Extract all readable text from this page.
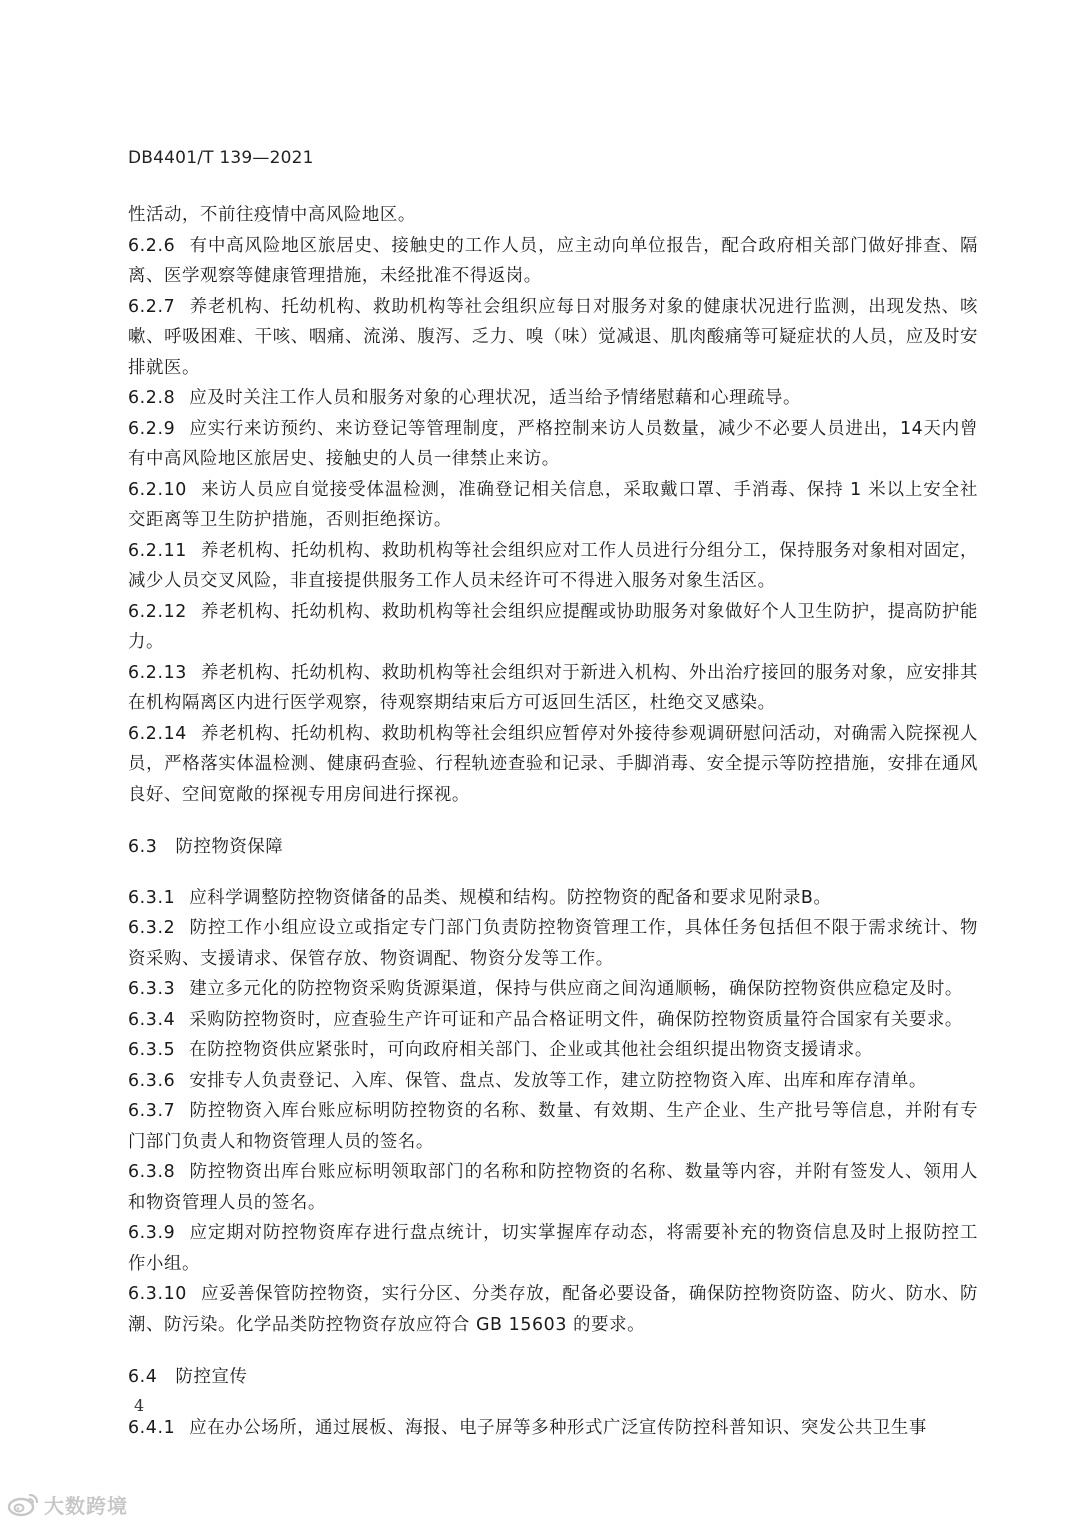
DB4401/T 139—2021

性活动，不前往疫情中高风险地区。

6.2.6 有中高风险地区旅居史、接触史的工作人员，应主动向单位报告，配合政府相关部门做好排查、隔离、医学观察等健康管理措施，未经批准不得返岗。

6.2.7 养老机构、托幼机构、救助机构等社会组织应每日对服务对象的健康状况进行监测，出现发热、咳嗽、呼吸困难、干咳、咽痛、流涕、腹泻、乏力、嗅（味）觉减退、肌肉酸痛等可疑症状的人员，应及时安排就医。

6.2.8 应及时关注工作人员和服务对象的心理状况，适当给予情绪慰藉和心理疏导。

6.2.9 应实行来访预约、来访登记等管理制度，严格控制来访人员数量，减少不必要人员进出，14天内曾有中高风险地区旅居史、接触史的人员一律禁止来访。

6.2.10 来访人员应自觉接受体温检测，准确登记相关信息，采取戴口罩、手消毒、保持 1 米以上安全社交距离等卫生防护措施，否则拒绝探访。

6.2.11 养老机构、托幼机构、救助机构等社会组织应对工作人员进行分组分工，保持服务对象相对固定，减少人员交叉风险，非直接提供服务工作人员未经许可不得进入服务对象生活区。

6.2.12 养老机构、托幼机构、救助机构等社会组织应提醒或协助服务对象做好个人卫生防护，提高防护能力。

6.2.13 养老机构、托幼机构、救助机构等社会组织对于新进入机构、外出治疗接回的服务对象，应安排其在机构隔离区内进行医学观察，待观察期结束后方可返回生活区，杜绝交叉感染。

6.2.14 养老机构、托幼机构、救助机构等社会组织应暂停对外接待参观调研慰问活动，对确需入院探视人员，严格落实体温检测、健康码查验、行程轨迹查验和记录、手脚消毒、安全提示等防控措施，安排在通风良好、空间宽敞的探视专用房间进行探视。

6.3 防控物资保障

6.3.1 应科学调整防控物资储备的品类、规模和结构。防控物资的配备和要求见附录B。

6.3.2 防控工作小组应设立或指定专门部门负责防控物资管理工作，具体任务包括但不限于需求统计、物资采购、支援请求、保管存放、物资调配、物资分发等工作。

6.3.3 建立多元化的防控物资采购货源渠道，保持与供应商之间沟通顺畅，确保防控物资供应稳定及时。

6.3.4 采购防控物资时，应查验生产许可证和产品合格证明文件，确保防控物资质量符合国家有关要求。

6.3.5 在防控物资供应紧张时，可向政府相关部门、企业或其他社会组织提出物资支援请求。

6.3.6 安排专人负责登记、入库、保管、盘点、发放等工作，建立防控物资入库、出库和库存清单。

6.3.7 防控物资入库台账应标明防控物资的名称、数量、有效期、生产企业、生产批号等信息，并附有专门部门负责人和物资管理人员的签名。

6.3.8 防控物资出库台账应标明领取部门的名称和防控物资的名称、数量等内容，并附有签发人、领用人和物资管理人员的签名。

6.3.9 应定期对防控物资库存进行盘点统计，切实掌握库存动态，将需要补充的物资信息及时上报防控工作小组。

6.3.10 应妥善保管防控物资，实行分区、分类存放，配备必要设备，确保防控物资防盗、防火、防水、防潮、防污染。化学品类防控物资存放应符合 GB 15603 的要求。

6.4 防控宣传

6.4.1 应在办公场所，通过展板、海报、电子屏等多种形式广泛宣传防控科普知识、突发公共卫生事

4
大数跨境
